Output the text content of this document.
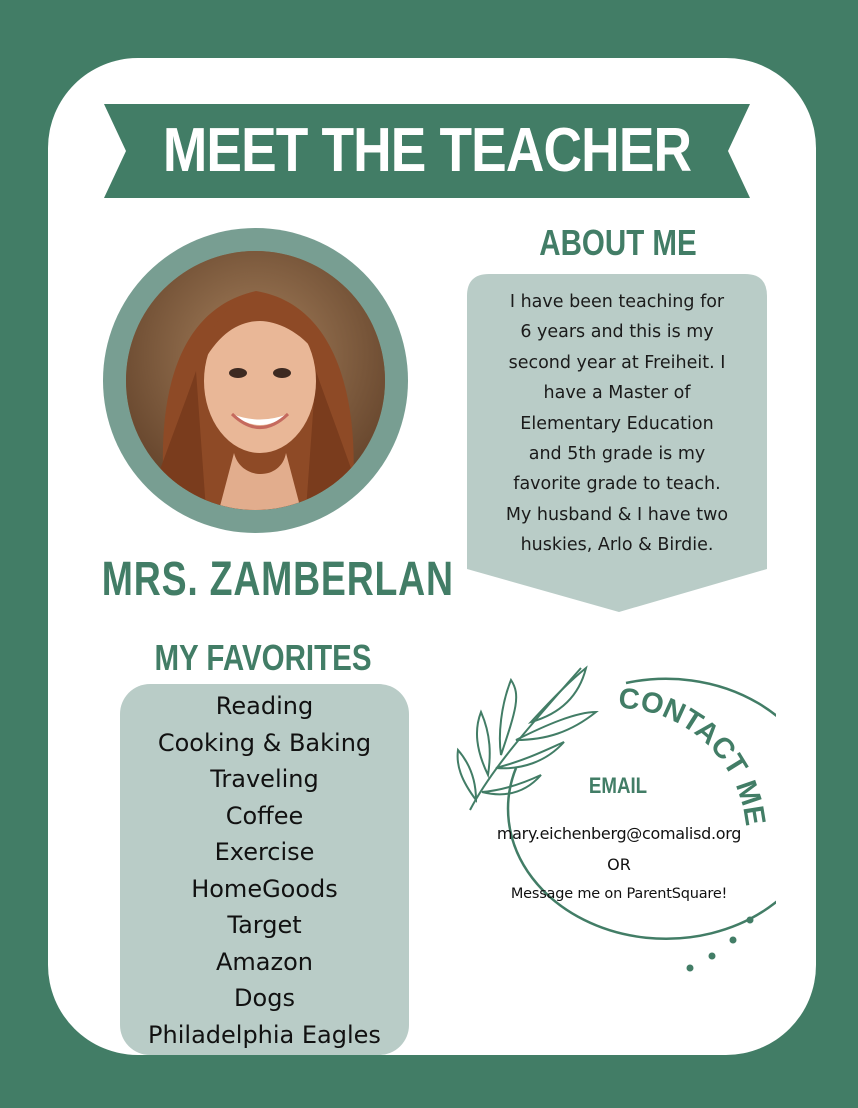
MEET THE TEACHER
ABOUT ME
I have been teaching for
6 years and this is my
second year at Freiheit. I
have a Master of
Elementary Education
and 5th grade is my
favorite grade to teach.
My husband & I have two
huskies, Arlo & Birdie.
MRS. ZAMBERLAN
MY FAVORITES
Reading
Cooking & Baking
Traveling
Coffee
Exercise
HomeGoods
Target
Amazon
Dogs
Philadelphia Eagles
CONTACT ME
EMAIL
mary.eichenberg@comalisd.org
OR
Message me on ParentSquare!
